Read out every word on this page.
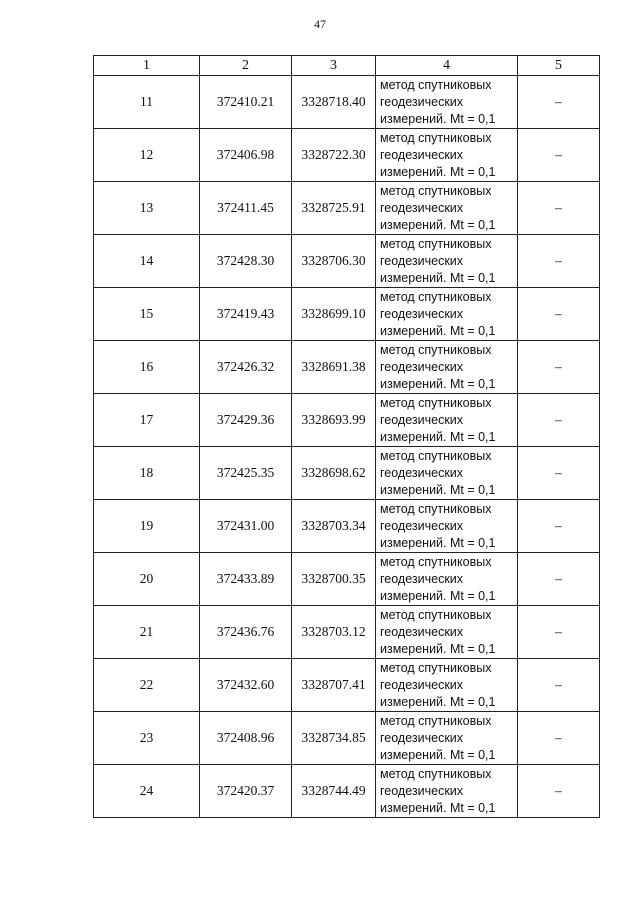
47
1	2	3	4	5
11	372410.21	3328718.40	метод спутниковых
геодезических
измерений. Mt = 0,1	–
12	372406.98	3328722.30	метод спутниковых
геодезических
измерений. Mt = 0,1	–
13	372411.45	3328725.91	метод спутниковых
геодезических
измерений. Mt = 0,1	–
14	372428.30	3328706.30	метод спутниковых
геодезических
измерений. Mt = 0,1	–
15	372419.43	3328699.10	метод спутниковых
геодезических
измерений. Mt = 0,1	–
16	372426.32	3328691.38	метод спутниковых
геодезических
измерений. Mt = 0,1	–
17	372429.36	3328693.99	метод спутниковых
геодезических
измерений. Mt = 0,1	–
18	372425.35	3328698.62	метод спутниковых
геодезических
измерений. Mt = 0,1	–
19	372431.00	3328703.34	метод спутниковых
геодезических
измерений. Mt = 0,1	–
20	372433.89	3328700.35	метод спутниковых
геодезических
измерений. Mt = 0,1	–
21	372436.76	3328703.12	метод спутниковых
геодезических
измерений. Mt = 0,1	–
22	372432.60	3328707.41	метод спутниковых
геодезических
измерений. Mt = 0,1	–
23	372408.96	3328734.85	метод спутниковых
геодезических
измерений. Mt = 0,1	–
24	372420.37	3328744.49	метод спутниковых
геодезических
измерений. Mt = 0,1	–
